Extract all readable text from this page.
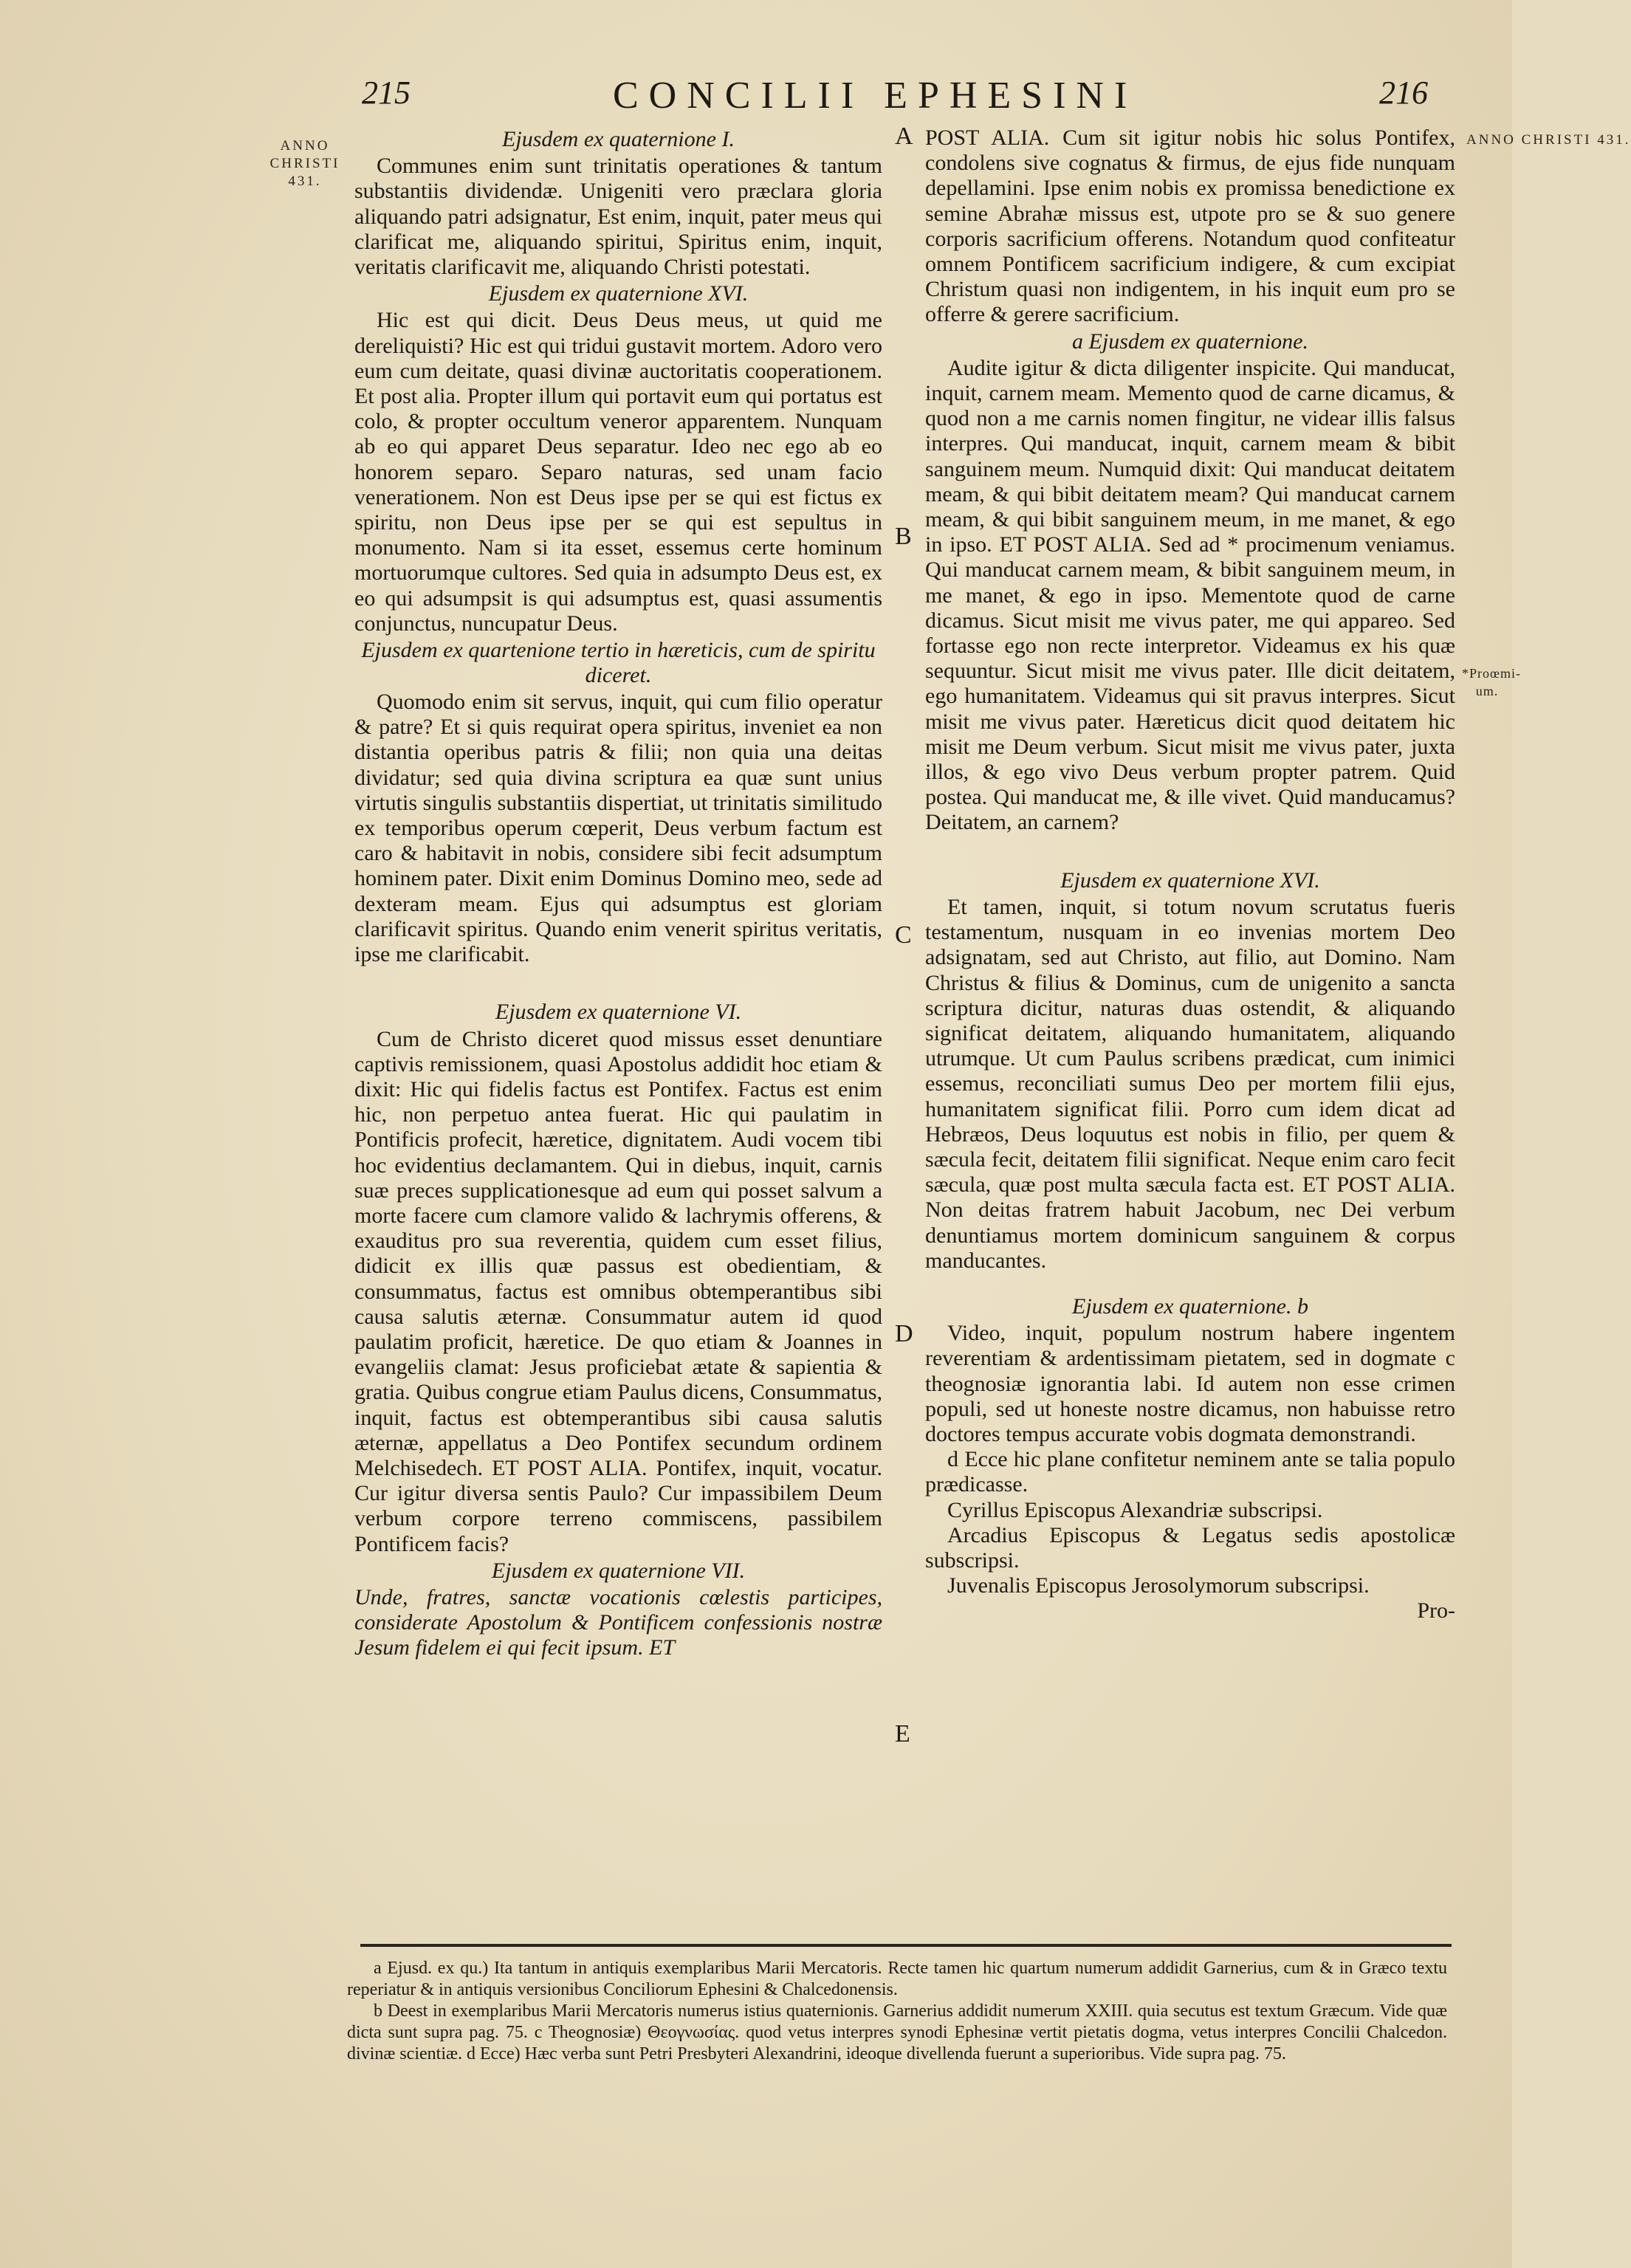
215	CONCILII EPHESINI	216
ANNO CHRISTI 431.
ANNO CHRISTI 431.
*Proœmi-um.
A
B
C
D
E

Ejusdem ex quaternione I.

Communes enim sunt trinitatis operationes & tantum substantiis dividendæ. Unigeniti vero præclara gloria aliquando patri adsignatur, Est enim, inquit, pater meus qui clarificat me, aliquando spiritui, Spiritus enim, inquit, veritatis clarificavit me, aliquando Christi potestati.

Ejusdem ex quaternione XVI.

Hic est qui dicit. Deus Deus meus, ut quid me dereliquisti? Hic est qui tridui gustavit mortem. Adoro vero eum cum deitate, quasi divinæ auctoritatis cooperationem. Et post alia. Propter illum qui portavit eum qui portatus est colo, & propter occultum veneror apparentem. Nunquam ab eo qui apparet Deus separatur. Ideo nec ego ab eo honorem separo. Separo naturas, sed unam facio venerationem. Non est Deus ipse per se qui est fictus ex spiritu, non Deus ipse per se qui est sepultus in monumento. Nam si ita esset, essemus certe hominum mortuorumque cultores. Sed quia in adsumpto Deus est, ex eo qui adsumpsit is qui adsumptus est, quasi assumentis conjunctus, nuncupatur Deus.

Ejusdem ex quartenione tertio in hæreticis, cum de spiritu diceret.

Quomodo enim sit servus, inquit, qui cum filio operatur & patre? Et si quis requirat opera spiritus, inveniet ea non distantia operibus patris & filii; non quia una deitas dividatur; sed quia divina scriptura ea quæ sunt unius virtutis singulis substantiis dispertiat, ut trinitatis similitudo ex temporibus operum cœperit, Deus verbum factum est caro & habitavit in nobis, considere sibi fecit adsumptum hominem pater. Dixit enim Dominus Domino meo, sede ad dexteram meam. Ejus qui adsumptus est gloriam clarificavit spiritus. Quando enim venerit spiritus veritatis, ipse me clarificabit.

Ejusdem ex quaternione VI.

Cum de Christo diceret quod missus esset denuntiare captivis remissionem, quasi Apostolus addidit hoc etiam & dixit: Hic qui fidelis factus est Pontifex. Factus est enim hic, non perpetuo antea fuerat. Hic qui paulatim in Pontificis profecit, hæretice, dignitatem. Audi vocem tibi hoc evidentius declamantem. Qui in diebus, inquit, carnis suæ preces supplicationesque ad eum qui posset salvum a morte facere cum clamore valido & lachrymis offerens, & exauditus pro sua reverentia, quidem cum esset filius, didicit ex illis quæ passus est obedientiam, & consummatus, factus est omnibus obtemperantibus sibi causa salutis æternæ. Consummatur autem id quod paulatim proficit, hæretice. De quo etiam & Joannes in evangeliis clamat: Jesus proficiebat ætate & sapientia & gratia. Quibus congrue etiam Paulus dicens, Consummatus, inquit, factus est obtemperantibus sibi causa salutis æternæ, appellatus a Deo Pontifex secundum ordinem Melchisedech. ET POST ALIA. Pontifex, inquit, vocatur. Cur igitur diversa sentis Paulo? Cur impassibilem Deum verbum corpore terreno commiscens, passibilem Pontificem facis?

Ejusdem ex quaternione VII.

Unde, fratres, sanctæ vocationis cœlestis participes, considerate Apostolum & Pontificem confessionis nostræ Jesum fidelem ei qui fecit ipsum. ET

POST ALIA. Cum sit igitur nobis hic solus Pontifex, condolens sive cognatus & firmus, de ejus fide nunquam depellamini. Ipse enim nobis ex promissa benedictione ex semine Abrahæ missus est, utpote pro se & suo genere corporis sacrificium offerens. Notandum quod confiteatur omnem Pontificem sacrificium indigere, & cum excipiat Christum quasi non indigentem, in his inquit eum pro se offerre & gerere sacrificium.

a Ejusdem ex quaternione.

Audite igitur & dicta diligenter inspicite. Qui manducat, inquit, carnem meam. Memento quod de carne dicamus, & quod non a me carnis nomen fingitur, ne videar illis falsus interpres. Qui manducat, inquit, carnem meam & bibit sanguinem meum. Numquid dixit: Qui manducat deitatem meam, & qui bibit deitatem meam? Qui manducat carnem meam, & qui bibit sanguinem meum, in me manet, & ego in ipso. ET POST ALIA. Sed ad * procimenum veniamus. Qui manducat carnem meam, & bibit sanguinem meum, in me manet, & ego in ipso. Mementote quod de carne dicamus. Sicut misit me vivus pater, me qui appareo. Sed fortasse ego non recte interpretor. Videamus ex his quæ sequuntur. Sicut misit me vivus pater. Ille dicit deitatem, ego humanitatem. Videamus qui sit pravus interpres. Sicut misit me vivus pater. Hæreticus dicit quod deitatem hic misit me Deum verbum. Sicut misit me vivus pater, juxta illos, & ego vivo Deus verbum propter patrem. Quid postea. Qui manducat me, & ille vivet. Quid manducamus? Deitatem, an carnem?

Ejusdem ex quaternione XVI.

Et tamen, inquit, si totum novum scrutatus fueris testamentum, nusquam in eo invenias mortem Deo adsignatam, sed aut Christo, aut filio, aut Domino. Nam Christus & filius & Dominus, cum de unigenito a sancta scriptura dicitur, naturas duas ostendit, & aliquando significat deitatem, aliquando humanitatem, aliquando utrumque. Ut cum Paulus scribens prædicat, cum inimici essemus, reconciliati sumus Deo per mortem filii ejus, humanitatem significat filii. Porro cum idem dicat ad Hebræos, Deus loquutus est nobis in filio, per quem & sæcula fecit, deitatem filii significat. Neque enim caro fecit sæcula, quæ post multa sæcula facta est. ET POST ALIA. Non deitas fratrem habuit Jacobum, nec Dei verbum denuntiamus mortem dominicum sanguinem & corpus manducantes.

Ejusdem ex quaternione. b

Video, inquit, populum nostrum habere ingentem reverentiam & ardentissimam pietatem, sed in dogmate c theognosiæ ignorantia labi. Id autem non esse crimen populi, sed ut honeste nostre dicamus, non habuisse retro doctores tempus accurate vobis dogmata demonstrandi.

d Ecce hic plane confitetur neminem ante se talia populo prædicasse.

Cyrillus Episcopus Alexandriæ subscripsi.

Arcadius Episcopus & Legatus sedis apostolicæ subscripsi.

Juvenalis Episcopus Jerosolymorum subscripsi.

Pro-

a Ejusd. ex qu.) Ita tantum in antiquis exemplaribus Marii Mercatoris. Recte tamen hic quartum numerum addidit Garnerius, cum & in Græco textu reperiatur & in antiquis versionibus Conciliorum Ephesini & Chalcedonensis.

b Deest in exemplaribus Marii Mercatoris numerus istius quaternionis. Garnerius addidit numerum XXIII. quia secutus est textum Græcum. Vide quæ dicta sunt supra pag. 75. c Theognosiæ) Θεογνωσίας. quod vetus interpres synodi Ephesinæ vertit pietatis dogma, vetus interpres Concilii Chalcedon. divinæ scientiæ. d Ecce) Hæc verba sunt Petri Presbyteri Alexandrini, ideoque divellenda fuerunt a superioribus. Vide supra pag. 75.
